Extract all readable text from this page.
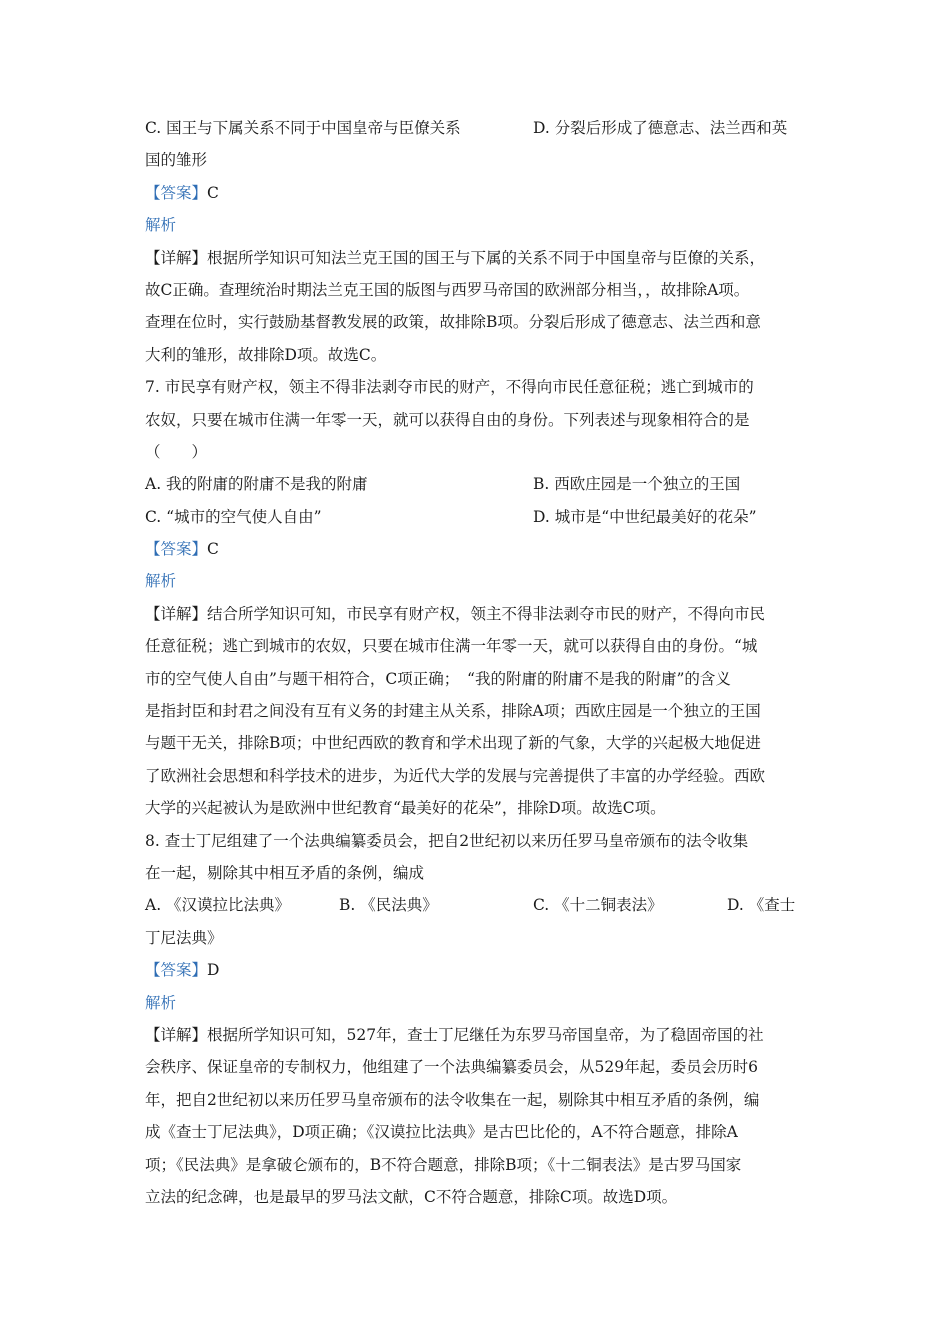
C. 国王与下属关系不同于中国皇帝与臣僚关系	D. 分裂后形成了德意志、法兰西和英
国的雏形
【答案】C
解析
【详解】根据所学知识可知法兰克王国的国王与下属的关系不同于中国皇帝与臣僚的关系，
故C正确。查理统治时期法兰克王国的版图与西罗马帝国的欧洲部分相当，，故排除A项。
查理在位时，实行鼓励基督教发展的政策，故排除B项。分裂后形成了德意志、法兰西和意
大利的雏形，故排除D项。故选C。
7. 市民享有财产权，领主不得非法剥夺市民的财产，不得向市民任意征税；逃亡到城市的
农奴，只要在城市住满一年零一天，就可以获得自由的身份。下列表述与现象相符合的是
（　　）
A. 我的附庸的附庸不是我的附庸	B. 西欧庄园是一个独立的王国
C. “城市的空气使人自由”	D. 城市是“中世纪最美好的花朵”
【答案】C
解析
【详解】结合所学知识可知，市民享有财产权，领主不得非法剥夺市民的财产，不得向市民
任意征税；逃亡到城市的农奴，只要在城市住满一年零一天，就可以获得自由的身份。“城
市的空气使人自由”与题干相符合，C项正确；　“我的附庸的附庸不是我的附庸”的含义
是指封臣和封君之间没有互有义务的封建主从关系，排除A项；西欧庄园是一个独立的王国
与题干无关，排除B项；中世纪西欧的教育和学术出现了新的气象，大学的兴起极大地促进
了欧洲社会思想和科学技术的进步，为近代大学的发展与完善提供了丰富的办学经验。西欧
大学的兴起被认为是欧洲中世纪教育“最美好的花朵”，排除D项。故选C项。
8. 查士丁尼组建了一个法典编纂委员会，把自2世纪初以来历任罗马皇帝颁布的法令收集
在一起，剔除其中相互矛盾的条例，编成
A. 《汉谟拉比法典》	B. 《民法典》	C. 《十二铜表法》	D. 《查士
丁尼法典》
【答案】D
解析
【详解】根据所学知识可知，527年，查士丁尼继任为东罗马帝国皇帝，为了稳固帝国的社
会秩序、保证皇帝的专制权力，他组建了一个法典编纂委员会，从529年起，委员会历时6
年，把自2世纪初以来历任罗马皇帝颁布的法令收集在一起，剔除其中相互矛盾的条例，编
成《查士丁尼法典》，D项正确；《汉谟拉比法典》是古巴比伦的，A不符合题意，排除A
项；《民法典》是拿破仑颁布的，B不符合题意，排除B项；《十二铜表法》是古罗马国家
立法的纪念碑，也是最早的罗马法文献，C不符合题意，排除C项。故选D项。
